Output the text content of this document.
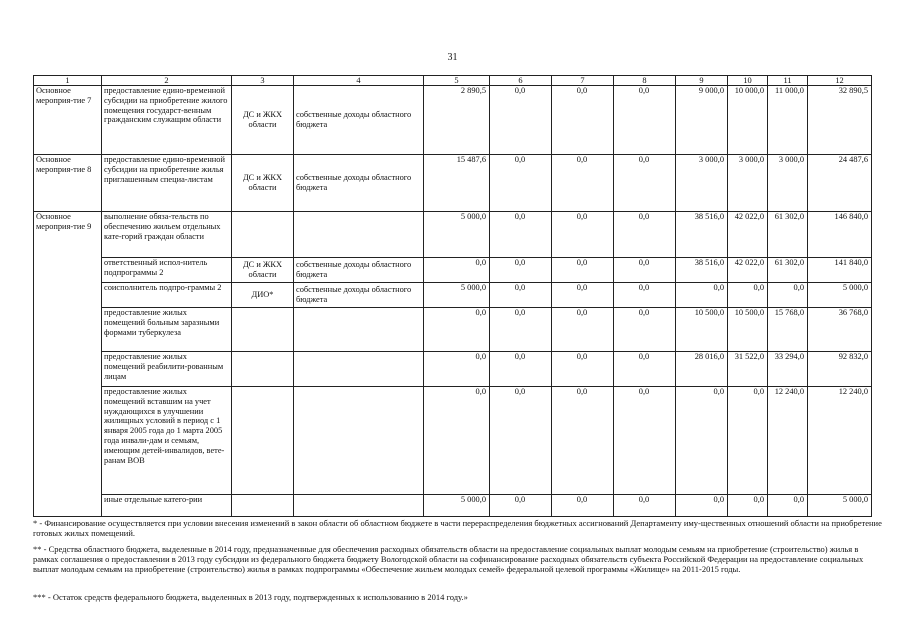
31
1	2	3	4	5	6	7	8	9	10	11	12
Основное мероприя-тие 7	предоставление едино-временной субсидии на приобретение жилого помещения государст-венным гражданским служащим области	ДС и ЖКХ области	собственные доходы областного бюджета	2 890,5	0,0	0,0	0,0	9 000,0	10 000,0	11 000,0	32 890,5
Основное мероприя-тие 8	предоставление едино-временной субсидии на приобретение жилья приглашенным специа-листам	ДС и ЖКХ области	собственные доходы областного бюджета	15 487,6	0,0	0,0	0,0	3 000,0	3 000,0	3 000,0	24 487,6
Основное мероприя-тие 9	выполнение обяза-тельств по обеспечению жильем отдельных кате-горий граждан области			5 000,0	0,0	0,0	0,0	38 516,0	42 022,0	61 302,0	146 840,0
	ответственный испол-нитель подпрограммы 2	ДС и ЖКХ области	собственные доходы областного бюджета	0,0	0,0	0,0	0,0	38 516,0	42 022,0	61 302,0	141 840,0
	соисполнитель подпро-граммы 2	ДИО*	собственные доходы областного бюджета	5 000,0	0,0	0,0	0,0	0,0	0,0	0,0	5 000,0
	предоставление жилых помещений больным заразными формами туберкулеза			0,0	0,0	0,0	0,0	10 500,0	10 500,0	15 768,0	36 768,0
	предоставление жилых помещений реабилити-рованным лицам			0,0	0,0	0,0	0,0	28 016,0	31 522,0	33 294,0	92 832,0
	предоставление жилых помещений вставшим на учет нуждающихся в улучшении жилищных условий в период с 1 января 2005 года до 1 марта 2005 года инвали-дам и семьям, имеющим детей-инвалидов, вете-ранам ВОВ			0,0	0,0	0,0	0,0	0,0	0,0	12 240,0	12 240,0
	иные отдельные катего-рии			5 000,0	0,0	0,0	0,0	0,0	0,0	0,0	5 000,0
* - Финансирование осуществляется при условии внесения изменений в закон области об областном бюджете в части перераспределения бюджетных ассигнований Департаменту иму-щественных отношений области на приобретение готовых жилых помещений.
** - Средства областного бюджета, выделенные в 2014 году, предназначенные для обеспечения расходных обязательств области на предоставление социальных выплат молодым семьям на приобретение (строительство) жилья в рамках соглашения о предоставлении в 2013 году субсидии из федерального бюджета бюджету Вологодской области на софинансирование расходных обязательств субъекта Российской Федерации на предоставление социальных выплат молодым семьям на приобретение (строительство) жилья в рамках подпрограммы «Обеспечение жильем молодых семей» федеральной целевой программы «Жилище» на 2011-2015 годы.
*** - Остаток средств федерального бюджета, выделенных в 2013 году, подтвержденных к использованию в 2014 году.»
